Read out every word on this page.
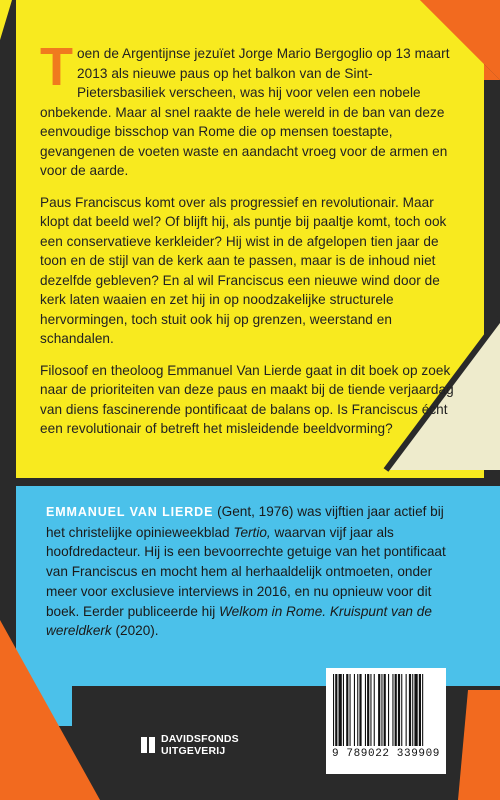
Toen de Argentijnse jezuïet Jorge Mario Bergoglio op 13 maart 2013 als nieuwe paus op het balkon van de Sint-Pietersbasiliek verscheen, was hij voor velen een nobele onbekende. Maar al snel raakte de hele wereld in de ban van deze eenvoudige bisschop van Rome die op mensen toestapte, gevangenen de voeten waste en aandacht vroeg voor de armen en voor de aarde.

Paus Franciscus komt over als progressief en revolutionair. Maar klopt dat beeld wel? Of blijft hij, als puntje bij paaltje komt, toch ook een conservatieve kerkleider? Hij wist in de afgelopen tien jaar de toon en de stijl van de kerk aan te passen, maar is de inhoud niet dezelfde gebleven? En al wil Franciscus een nieuwe wind door de kerk laten waaien en zet hij in op noodzakelijke structurele hervormingen, toch stuit ook hij op grenzen, weerstand en schandalen.

Filosoof en theoloog Emmanuel Van Lierde gaat in dit boek op zoek naar de prioriteiten van deze paus en maakt bij de tiende verjaardag van diens fascinerende pontificaat de balans op. Is Franciscus écht een revolutionair of betreft het misleidende beeldvorming?

EMMANUEL VAN LIERDE (Gent, 1976) was vijftien jaar actief bij het christelijke opinieweekblad Tertio, waarvan vijf jaar als hoofdredacteur. Hij is een bevoorrechte getuige van het pontificaat van Franciscus en mocht hem al herhaaldelijk ontmoeten, onder meer voor exclusieve interviews in 2016, en nu opnieuw voor dit boek. Eerder publiceerde hij Welkom in Rome. Kruispunt van de wereldkerk (2020).
DAVIDSFONDS
UITGEVERIJ	9 789022 339909
